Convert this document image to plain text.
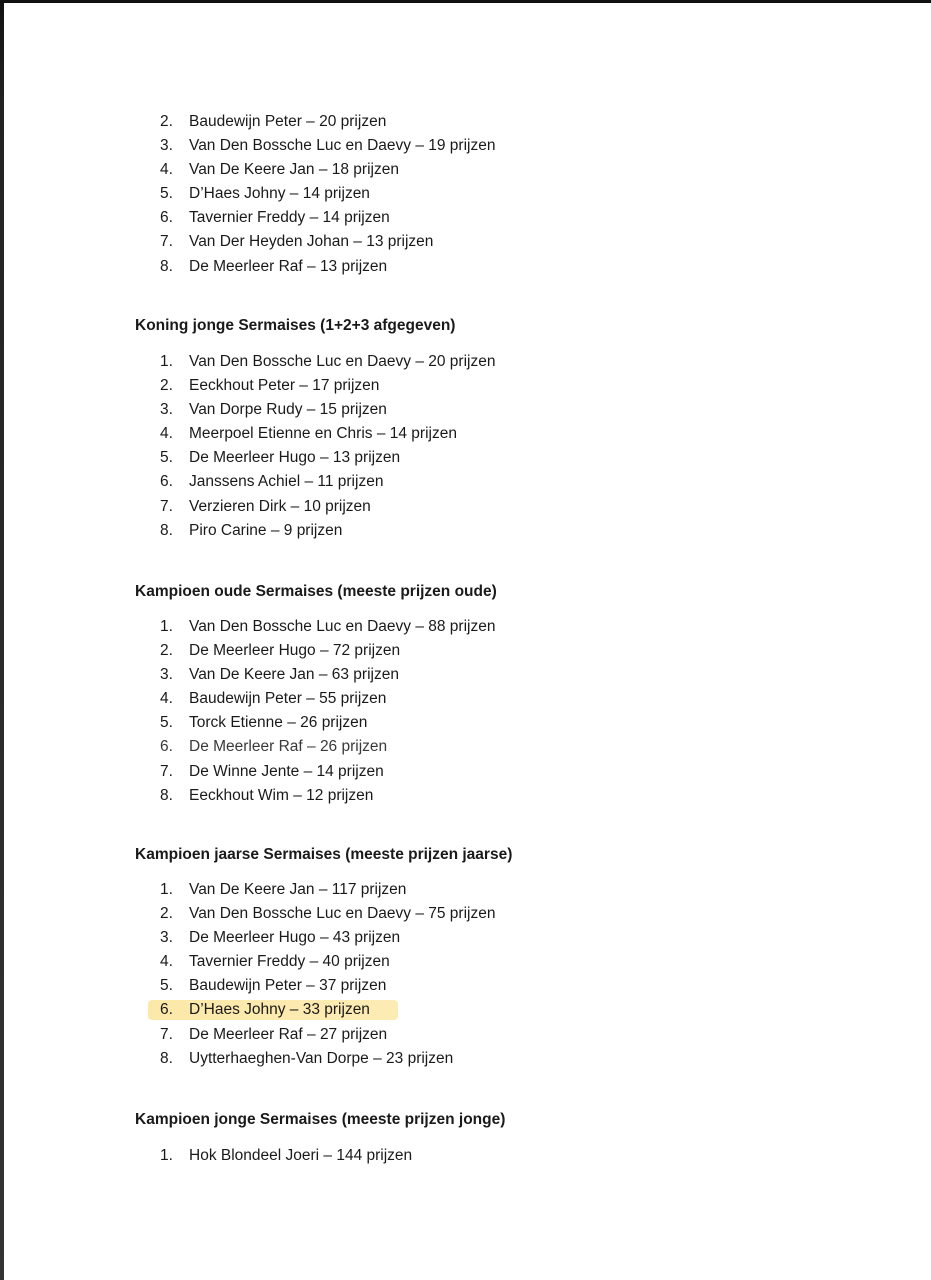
2. Baudewijn Peter – 20 prijzen
3. Van Den Bossche Luc en Daevy – 19 prijzen
4. Van De Keere Jan – 18 prijzen
5. D’Haes Johny – 14 prijzen
6. Tavernier Freddy – 14 prijzen
7. Van Der Heyden Johan – 13 prijzen
8. De Meerleer Raf – 13 prijzen
Koning jonge Sermaises (1+2+3 afgegeven)
1. Van Den Bossche Luc en Daevy – 20 prijzen
2. Eeckhout Peter – 17 prijzen
3. Van Dorpe Rudy – 15 prijzen
4. Meerpoel Etienne en Chris – 14 prijzen
5. De Meerleer Hugo – 13 prijzen
6. Janssens Achiel – 11 prijzen
7. Verzieren Dirk – 10 prijzen
8. Piro Carine – 9 prijzen
Kampioen oude Sermaises (meeste prijzen oude)
1. Van Den Bossche Luc en Daevy – 88 prijzen
2. De Meerleer Hugo – 72 prijzen
3. Van De Keere Jan – 63 prijzen
4. Baudewijn Peter – 55 prijzen
5. Torck Etienne – 26 prijzen
6. De Meerleer Raf – 26 prijzen
7. De Winne Jente – 14 prijzen
8. Eeckhout Wim – 12 prijzen
Kampioen jaarse Sermaises (meeste prijzen jaarse)
1. Van De Keere Jan – 117 prijzen
2. Van Den Bossche Luc en Daevy – 75 prijzen
3. De Meerleer Hugo – 43 prijzen
4. Tavernier Freddy – 40 prijzen
5. Baudewijn Peter – 37 prijzen
6. D’Haes Johny – 33 prijzen
7. De Meerleer Raf – 27 prijzen
8. Uytterhaeghen-Van Dorpe – 23 prijzen
Kampioen jonge Sermaises (meeste prijzen jonge)
1. Hok Blondeel Joeri – 144 prijzen
